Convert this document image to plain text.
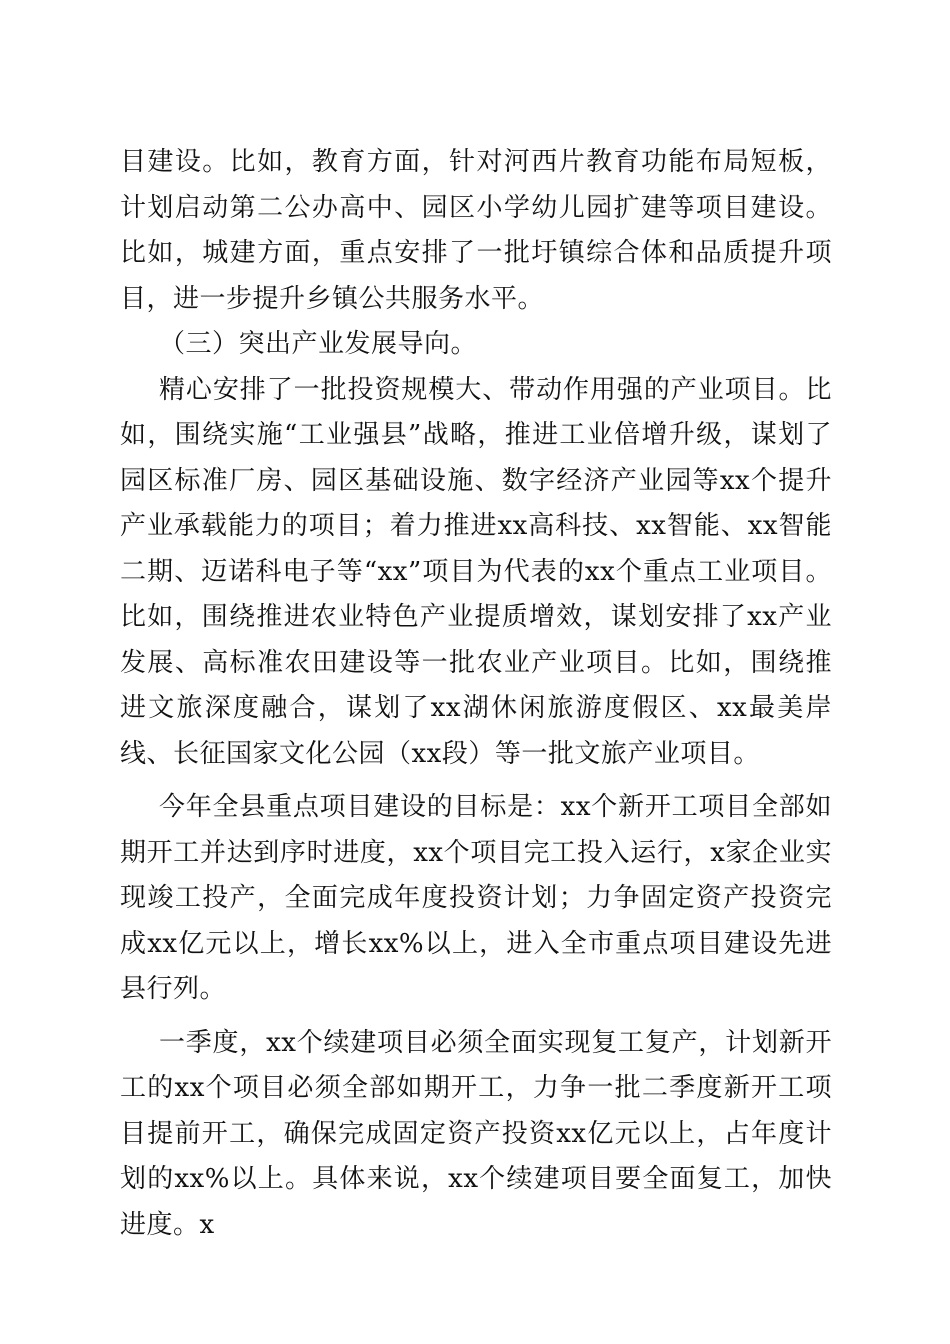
目建设。比如，教育方面，针对河西片教育功能布局短板，计划启动第二公办高中、园区小学幼儿园扩建等项目建设。比如，城建方面，重点安排了一批圩镇综合体和品质提升项目，进一步提升乡镇公共服务水平。

（三）突出产业发展导向。

精心安排了一批投资规模大、带动作用强的产业项目。比如，围绕实施“工业强县”战略，推进工业倍增升级，谋划了园区标准厂房、园区基础设施、数字经济产业园等xx个提升产业承载能力的项目；着力推进xx高科技、xx智能、xx智能二期、迈诺科电子等“xx”项目为代表的xx个重点工业项目。比如，围绕推进农业特色产业提质增效，谋划安排了xx产业发展、高标准农田建设等一批农业产业项目。比如，围绕推进文旅深度融合，谋划了xx湖休闲旅游度假区、xx最美岸线、长征国家文化公园（xx段）等一批文旅产业项目。

今年全县重点项目建设的目标是：xx个新开工项目全部如期开工并达到序时进度，xx个项目完工投入运行，x家企业实现竣工投产，全面完成年度投资计划；力争固定资产投资完成xx亿元以上，增长xx%以上，进入全市重点项目建设先进县行列。

一季度，xx个续建项目必须全面实现复工复产，计划新开工的xx个项目必须全部如期开工，力争一批二季度新开工项目提前开工，确保完成固定资产投资xx亿元以上，占年度计划的xx%以上。具体来说，xx个续建项目要全面复工，加快进度。x
